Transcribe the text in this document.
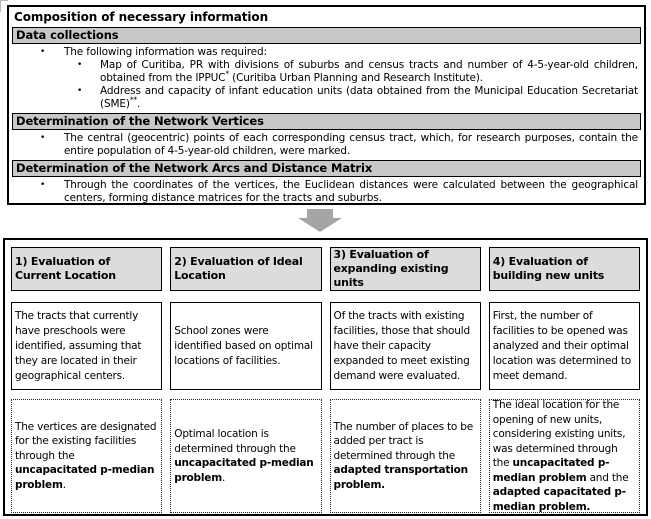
Composition of necessary information
Data collections
•	The following information was required:
•	Map of Curitiba, PR with divisions of suburbs and census tracts and number of 4-5-year-old children, obtained from the IPPUC* (Curitiba Urban Planning and Research Institute).
•	Address and capacity of infant education units (data obtained from the Municipal Education Secretariat (SME)**.
Determination of the Network Vertices
•	The central (geocentric) points of each corresponding census tract, which, for research purposes, contain the entire population of 4-5-year-old children, were marked.
Determination of the Network Arcs and Distance Matrix
•	Through the coordinates of the vertices, the Euclidean distances were calculated between the geographical centers, forming distance matrices for the tracts and suburbs.
1) Evaluation of Current Location
The tracts that currently have preschools were identified, assuming that they are located in their geographical centers.
The vertices are designated for the existing facilities through the uncapacitated p-median problem.
2) Evaluation of Ideal Location
School zones were identified based on optimal locations of facilities.
Optimal location is determined through the uncapacitated p-median problem.
3) Evaluation of expanding existing units
Of the tracts with existing facilities, those that should have their capacity expanded to meet existing demand were evaluated.
The number of places to be added per tract is determined through the adapted transportation problem.
4) Evaluation of building new units
First, the number of facilities to be opened was analyzed and their optimal location was determined to meet demand.
The ideal location for the opening of new units, considering existing units, was determined through the uncapacitated p-median problem and the adapted capacitated p-median problem.
